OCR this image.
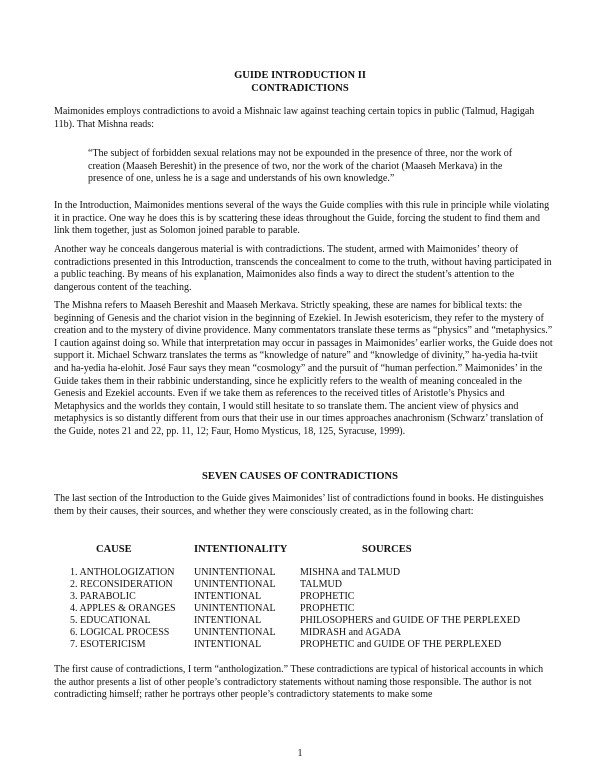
GUIDE INTRODUCTION II
CONTRADICTIONS

Maimonides employs contradictions to avoid a Mishnaic law against teaching certain topics in public (Talmud, Hagigah 11b). That Mishna reads:

“The subject of forbidden sexual relations may not be expounded in the presence of three, nor the work of creation (Maaseh Bereshit) in the presence of two, nor the work of the chariot (Maaseh Merkava) in the presence of one, unless he is a sage and understands of his own knowledge.”

In the Introduction, Maimonides mentions several of the ways the Guide complies with this rule in principle while violating it in practice. One way he does this is by scattering these ideas throughout the Guide, forcing the student to find them and link them together, just as Solomon joined parable to parable.

Another way he conceals dangerous material is with contradictions. The student, armed with Maimonides’ theory of contradictions presented in this Introduction, transcends the concealment to come to the truth, without having participated in a public teaching. By means of his explanation, Maimonides also finds a way to direct the student’s attention to the dangerous content of the teaching.

The Mishna refers to Maaseh Bereshit and Maaseh Merkava. Strictly speaking, these are names for biblical texts: the beginning of Genesis and the chariot vision in the beginning of Ezekiel. In Jewish esotericism, they refer to the mystery of creation and to the mystery of divine providence. Many commentators translate these terms as “physics” and “metaphysics.” I caution against doing so. While that interpretation may occur in passages in Maimonides’ earlier works, the Guide does not support it. Michael Schwarz translates the terms as “knowledge of nature” and “knowledge of divinity,” ha-yedia ha-tviit and ha-yedia ha-elohit. José Faur says they mean “cosmology” and the pursuit of “human perfection.” Maimonides’ in the Guide takes them in their rabbinic understanding, since he explicitly refers to the wealth of meaning concealed in the Genesis and Ezekiel accounts. Even if we take them as references to the received titles of Aristotle’s Physics and Metaphysics and the worlds they contain, I would still hesitate to so translate them. The ancient view of physics and metaphysics is so distantly different from ours that their use in our times approaches anachronism (Schwarz’ translation of the Guide, notes 21 and 22, pp. 11, 12; Faur, Homo Mysticus, 18, 125, Syracuse, 1999).

SEVEN CAUSES OF CONTRADICTIONS

The last section of the Introduction to the Guide gives Maimonides’ list of contradictions found in books. He distinguishes them by their causes, their sources, and whether they were consciously created, as in the following chart:

CAUSE	INTENTIONALITY	SOURCES
1. ANTHOLOGIZATION UNINTENTIONAL MISHNA and TALMUD
2. RECONSIDERATION UNINTENTIONAL TALMUD
3. PARABOLIC	INTENTIONAL	PROPHETIC
4. APPLES & ORANGES UNINTENTIONAL PROPHETIC
5. EDUCATIONAL	INTENTIONAL	PHILOSOPHERS and GUIDE OF THE PERPLEXED
6. LOGICAL PROCESS UNINTENTIONAL MIDRASH and AGADA
7. ESOTERICISM	INTENTIONAL	PROPHETIC and GUIDE OF THE PERPLEXED

The first cause of contradictions, I term “anthologization.” These contradictions are typical of historical accounts in which the author presents a list of other people’s contradictory statements without naming those responsible. The author is not contradicting himself; rather he portrays other people’s contradictory statements to make some

1
